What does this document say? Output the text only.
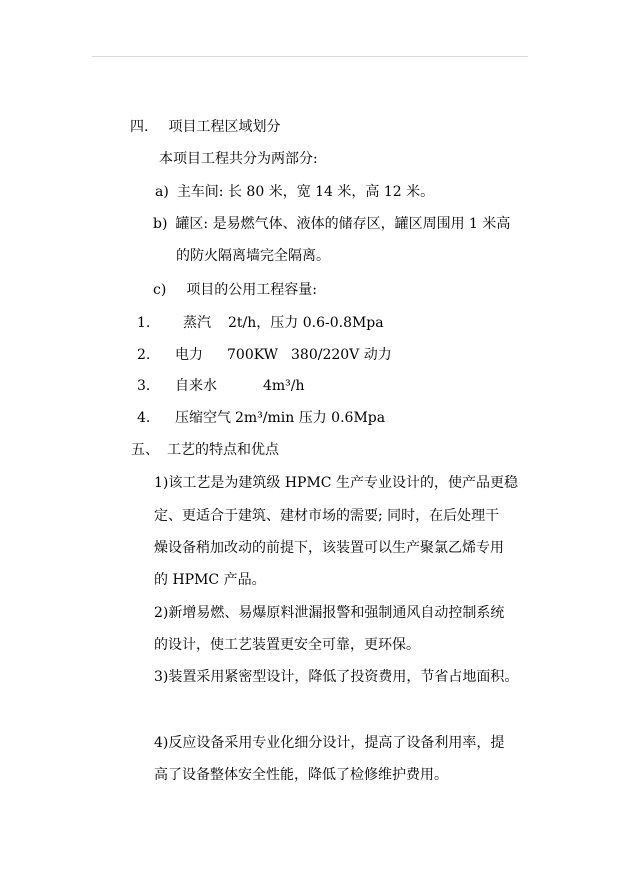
四. 项目工程区域划分
本项目工程共分为两部分:
a) 主车间: 长 80 米，宽 14 米，高 12 米。
b) 罐区: 是易燃气体、液体的储存区，罐区周围用 1 米高
的防火隔离墙完全隔离。
c) 项目的公用工程容量:
1. 蒸汽 2t/h，压力 0.6-0.8Mpa
2. 电力 700KW 380/220V 动力
3. 自来水	4m³/h
4. 压缩空气 2m³/min 压力 0.6Mpa
五、 工艺的特点和优点
1)该工艺是为建筑级 HPMC 生产专业设计的，使产品更稳
定、更适合于建筑、建材市场的需要; 同时，在后处理干
燥设备稍加改动的前提下，该装置可以生产聚氯乙烯专用
的 HPMC 产品。
2)新增易燃、易爆原料泄漏报警和强制通风自动控制系统
的设计，使工艺装置更安全可靠，更环保。
3)装置采用紧密型设计，降低了投资费用，节省占地面积。
4)反应设备采用专业化细分设计，提高了设备利用率，提
高了设备整体安全性能，降低了检修维护费用。
